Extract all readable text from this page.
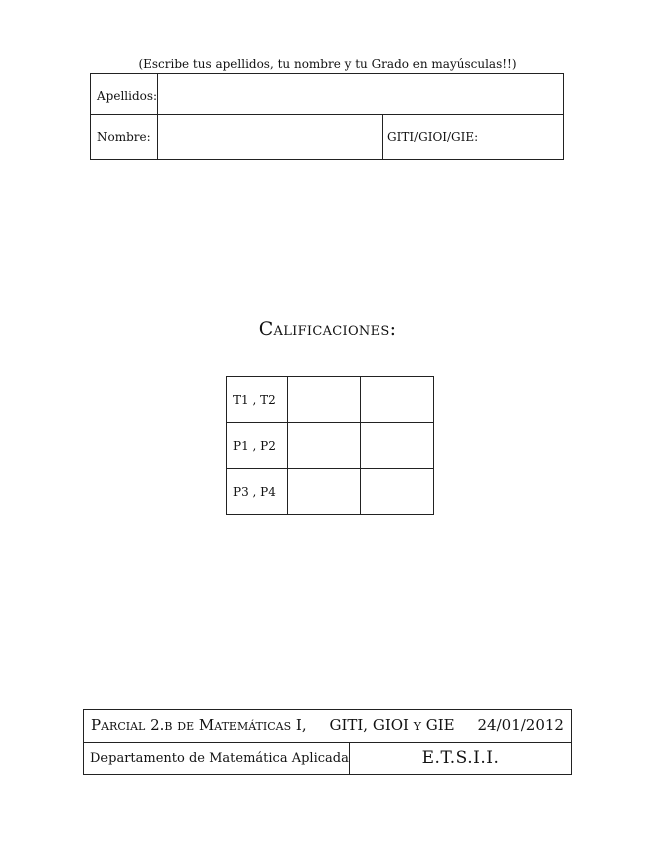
(Escribe tus apellidos, tu nombre y tu Grado en mayúsculas!!)
Apellidos:
Nombre:	GITI/GIOI/GIE:
Calificaciones:
T1 , T2		
P1 , P2		
P3 , P4		
Parcial 2.b de Matemáticas I, GITI, GIOI y GIE 24/01/2012
Departamento de Matemática Aplicada	E.T.S.I.I.
